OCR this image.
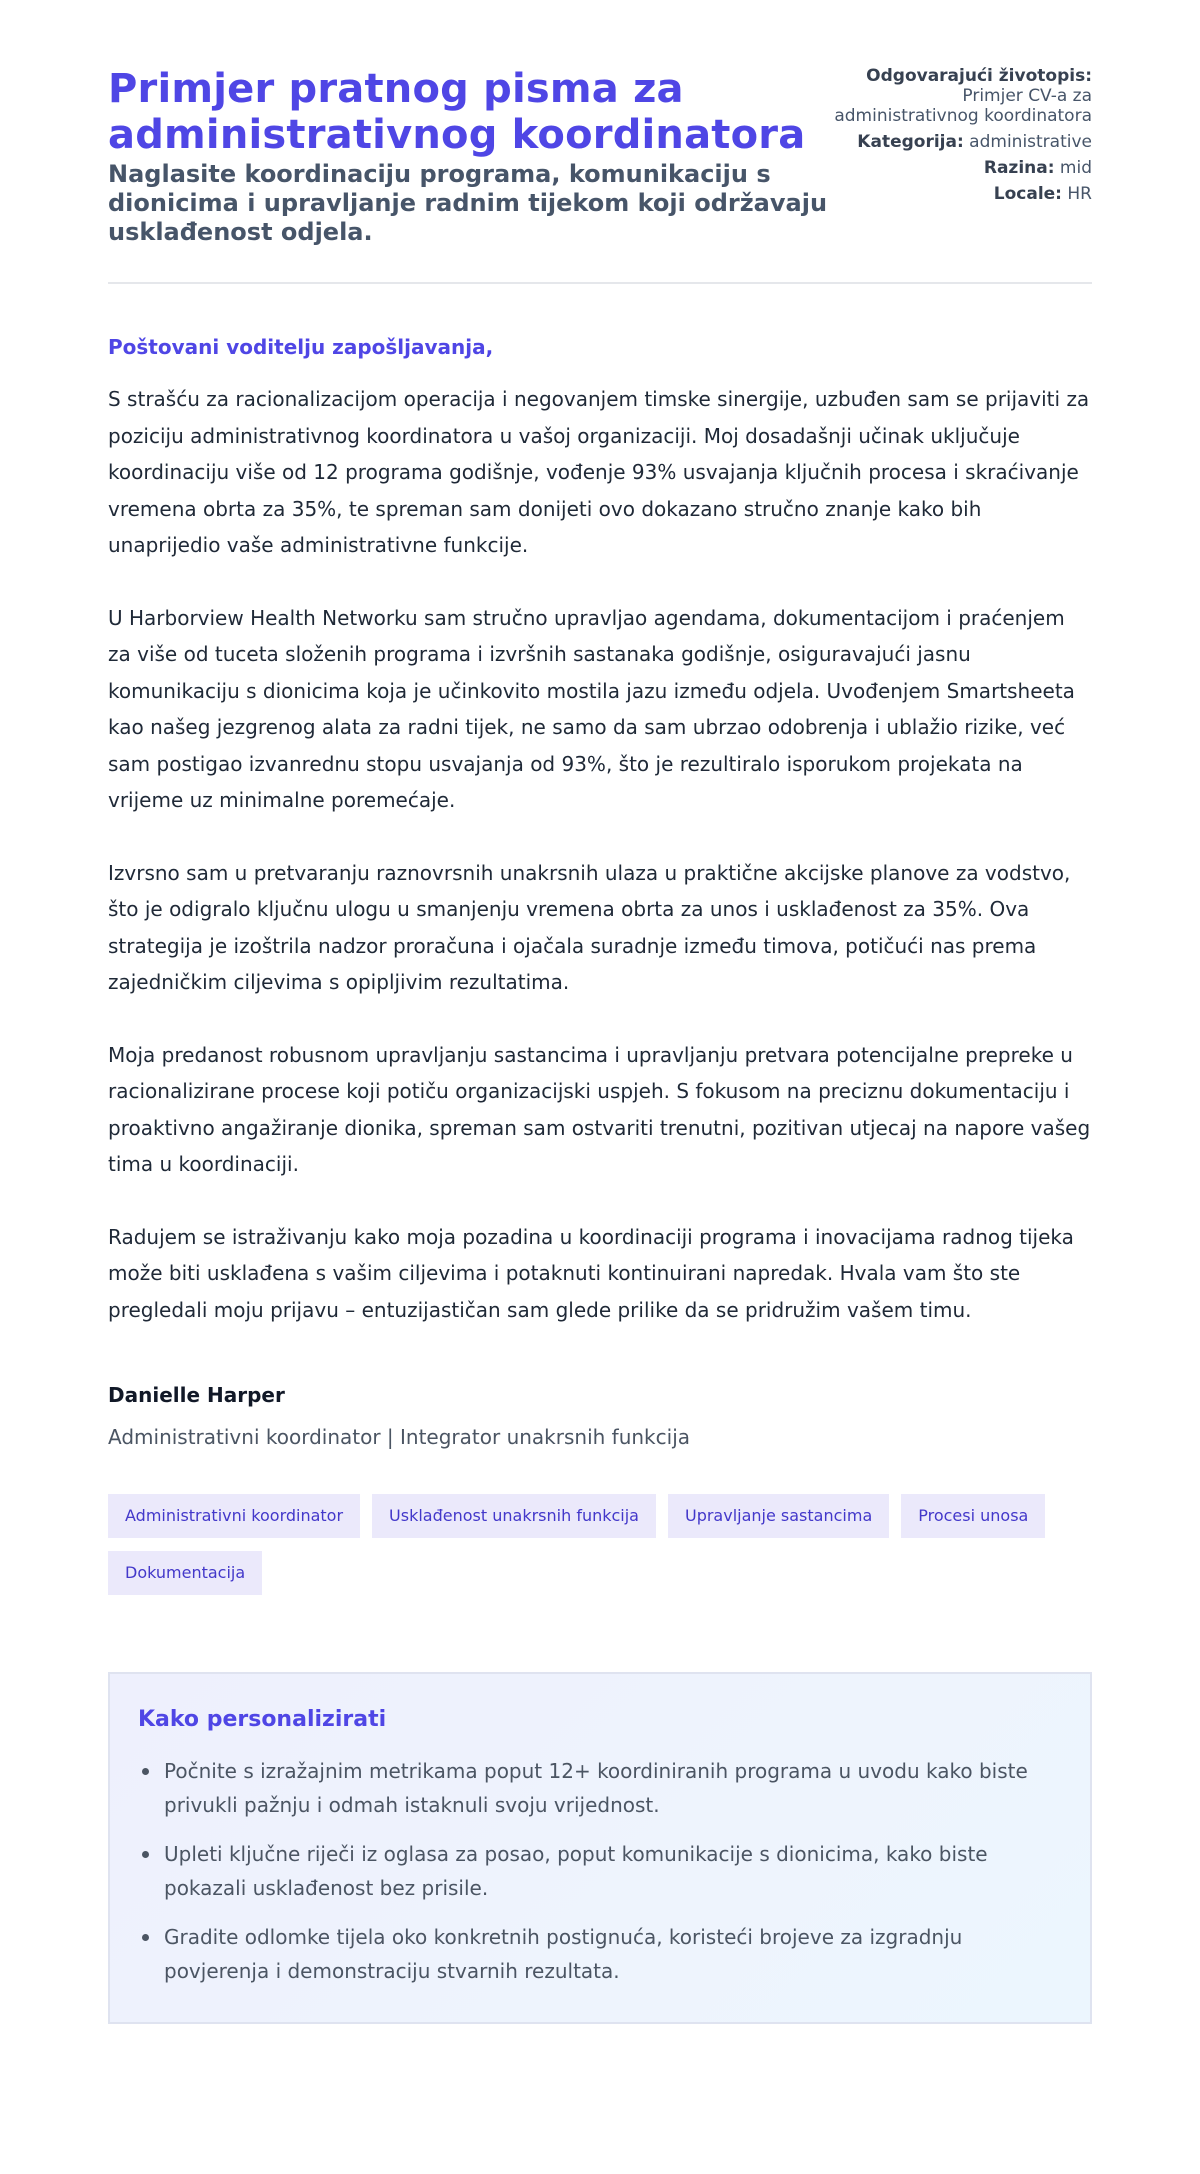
Primjer pratnog pisma za administrativnog koordinatora
Naglasite koordinaciju programa, komunikaciju s dionicima i upravljanje radnim tijekom koji održavaju usklađenost odjela.
Odgovarajući životopis:
Primjer CV-a za administrativnog koordinatora
Kategorija: administrative
Razina: mid
Locale: HR

Poštovani voditelju zapošljavanja,

S strašću za racionalizacijom operacija i negovanjem timske sinergije, uzbuđen sam se prijaviti za poziciju administrativnog koordinatora u vašoj organizaciji. Moj dosadašnji učinak uključuje koordinaciju više od 12 programa godišnje, vođenje 93% usvajanja ključnih procesa i skraćivanje vremena obrta za 35%, te spreman sam donijeti ovo dokazano stručno znanje kako bih unaprijedio vaše administrativne funkcije.

U Harborview Health Networku sam stručno upravljao agendama, dokumentacijom i praćenjem za više od tuceta složenih programa i izvršnih sastanaka godišnje, osiguravajući jasnu komunikaciju s dionicima koja je učinkovito mostila jazu između odjela. Uvođenjem Smartsheeta kao našeg jezgrenog alata za radni tijek, ne samo da sam ubrzao odobrenja i ublažio rizike, već sam postigao izvanrednu stopu usvajanja od 93%, što je rezultiralo isporukom projekata na vrijeme uz minimalne poremećaje.

Izvrsno sam u pretvaranju raznovrsnih unakrsnih ulaza u praktične akcijske planove za vodstvo, što je odigralo ključnu ulogu u smanjenju vremena obrta za unos i usklađenost za 35%. Ova strategija je izoštrila nadzor proračuna i ojačala suradnje između timova, potičući nas prema zajedničkim ciljevima s opipljivim rezultatima.

Moja predanost robusnom upravljanju sastancima i upravljanju pretvara potencijalne prepreke u racionalizirane procese koji potiču organizacijski uspjeh. S fokusom na preciznu dokumentaciju i proaktivno angažiranje dionika, spreman sam ostvariti trenutni, pozitivan utjecaj na napore vašeg tima u koordinaciji.

Radujem se istraživanju kako moja pozadina u koordinaciji programa i inovacijama radnog tijeka može biti usklađena s vašim ciljevima i potaknuti kontinuirani napredak. Hvala vam što ste pregledali moju prijavu – entuzijastičan sam glede prilike da se pridružim vašem timu.

Danielle Harper
Administrativni koordinator | Integrator unakrsnih funkcija
Administrativni koordinator	Usklađenost unakrsnih funkcija	Upravljanje sastancima	Procesi unosa
Dokumentacija
Kako personalizirati
Počnite s izražajnim metrikama poput 12+ koordiniranih programa u uvodu kako biste privukli pažnju i odmah istaknuli svoju vrijednost.
Upleti ključne riječi iz oglasa za posao, poput komunikacije s dionicima, kako biste pokazali usklađenost bez prisile.
Gradite odlomke tijela oko konkretnih postignuća, koristeći brojeve za izgradnju povjerenja i demonstraciju stvarnih rezultata.
